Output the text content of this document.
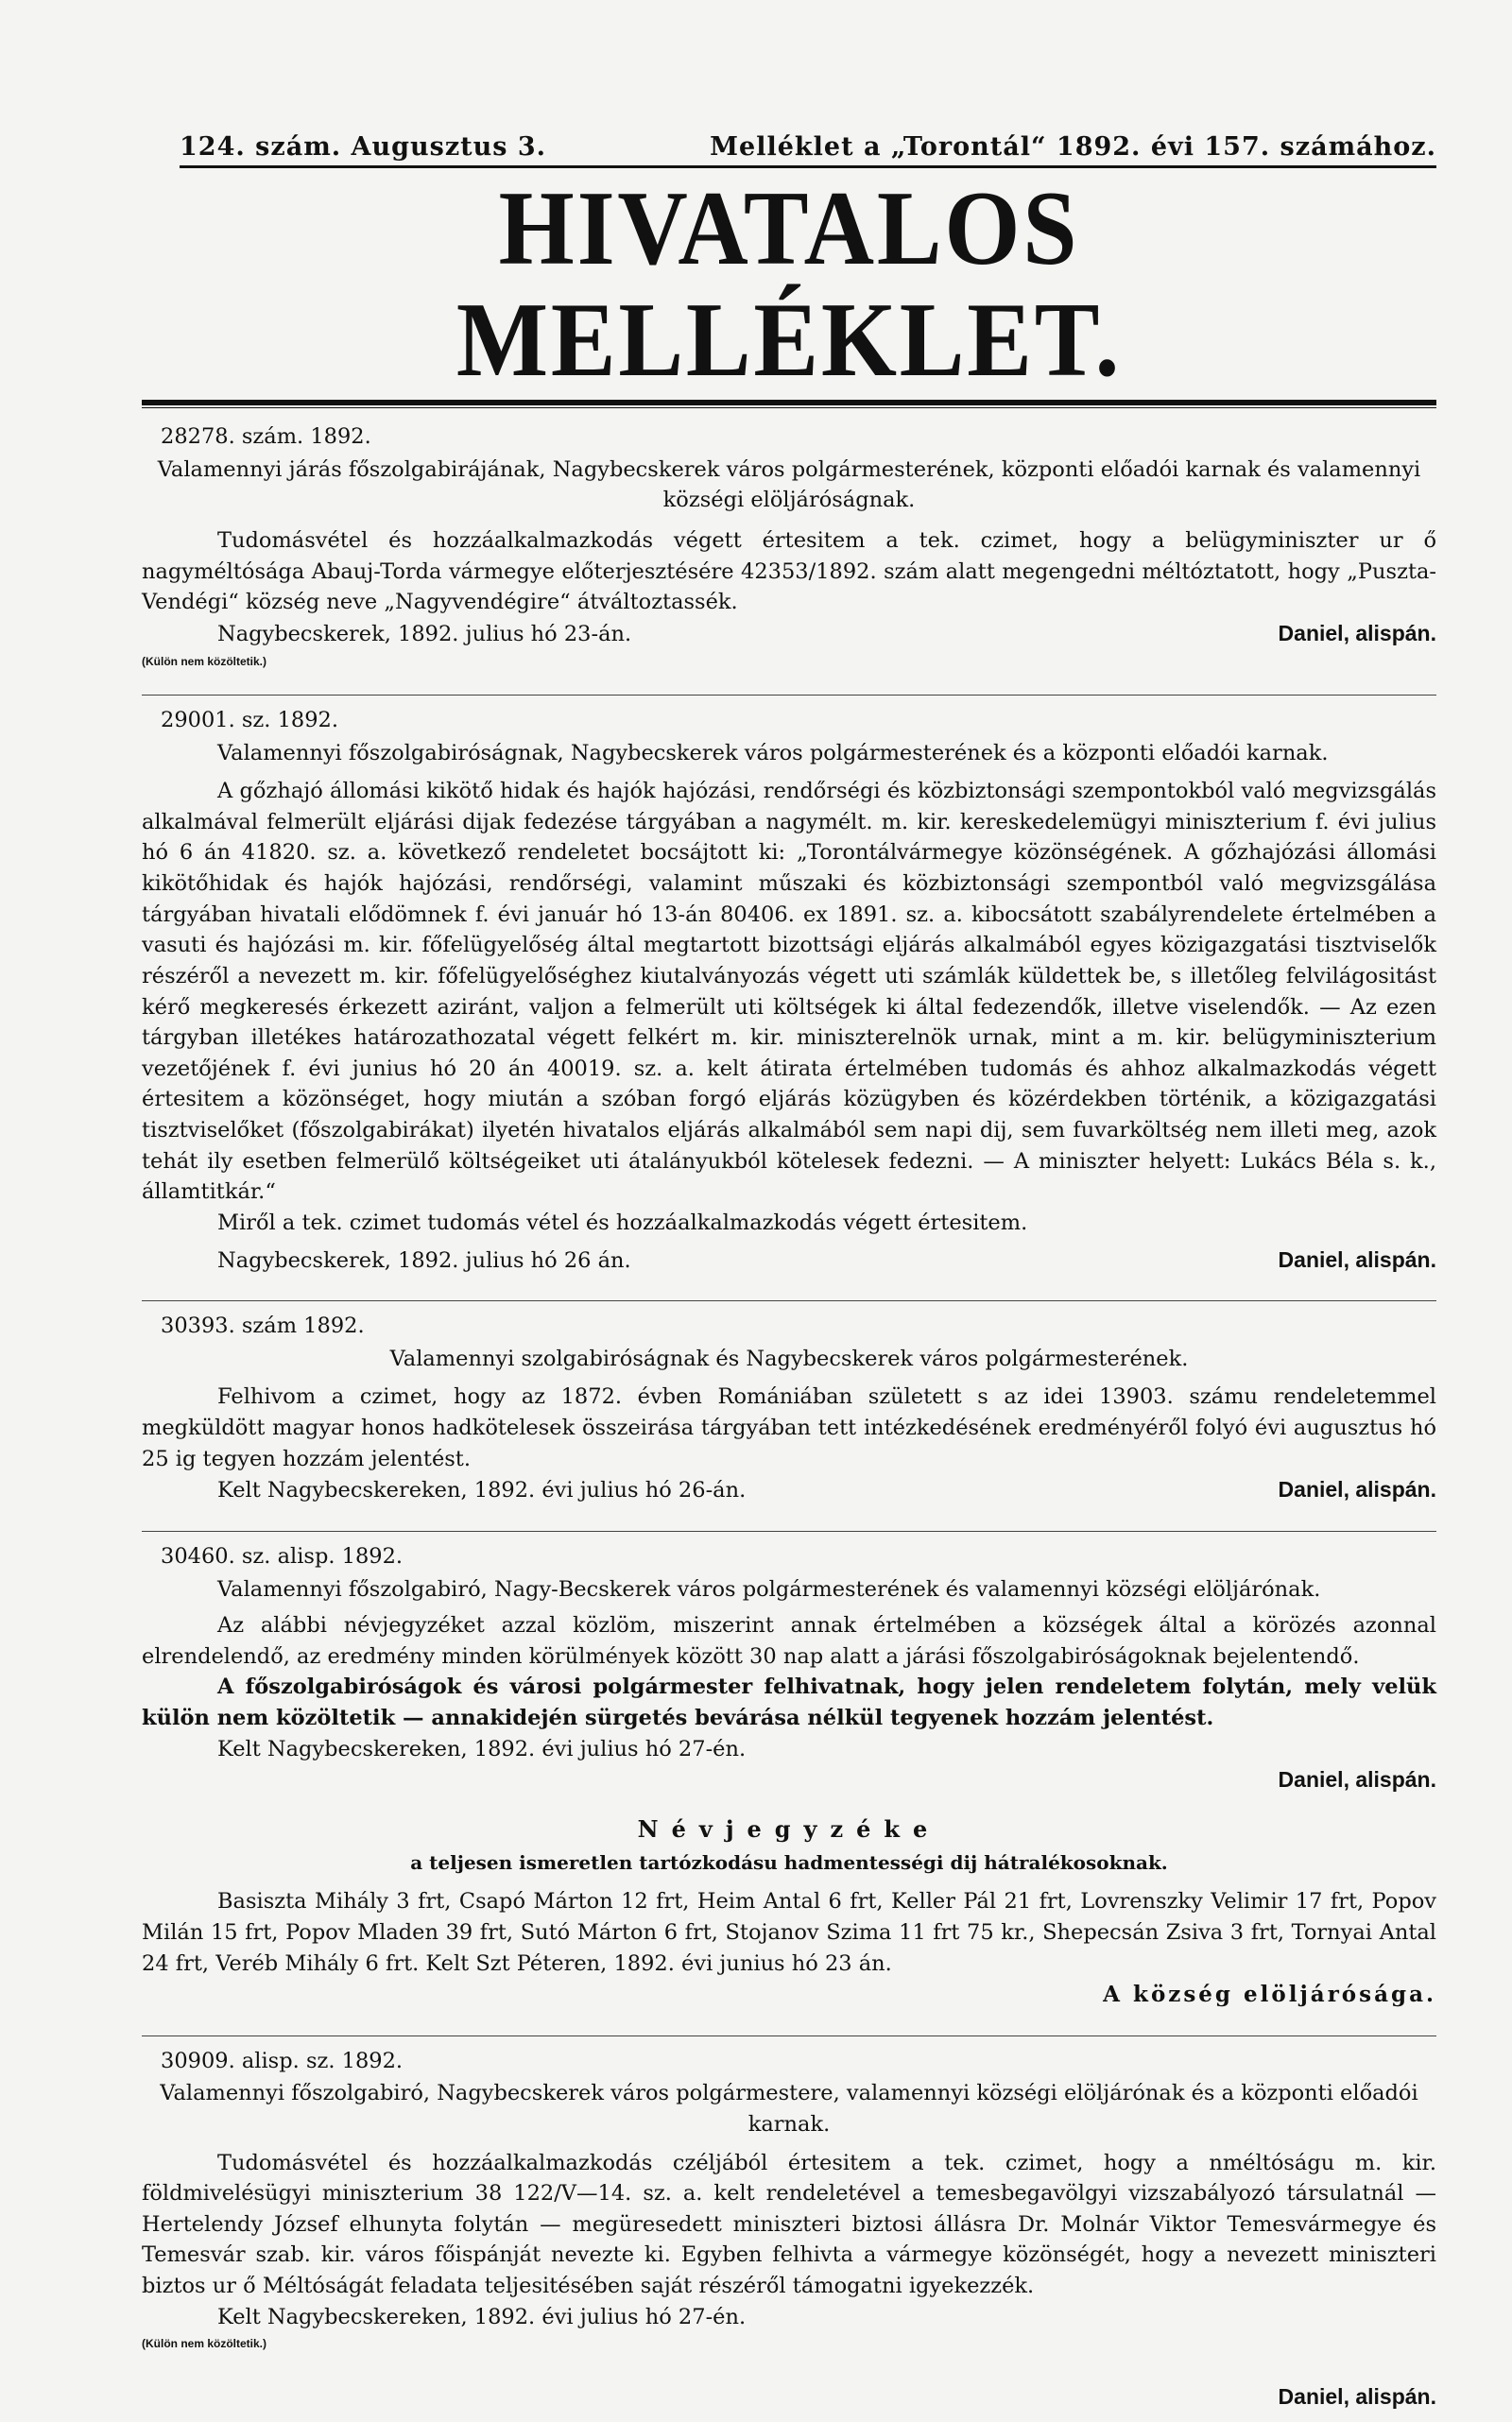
124. szám. Augusztus 3.	Melléklet a „Torontál“ 1892. évi 157. számához.
HIVATALOS MELLÉKLET.
28278. szám. 1892.
Valamennyi járás főszolgabirájának, Nagybecskerek város polgármesterének, központi előadói karnak és valamennyi községi elöljáróságnak.
Tudomásvétel és hozzáalkalmazkodás végett értesitem a tek. czimet, hogy a belügyminiszter ur ő nagyméltósága Abauj-Torda vármegye előterjesztésére 42353/1892. szám alatt megengedni méltóztatott, hogy „Puszta-Vendégi“ község neve „Nagyvendégire“ átváltoztassék.
Nagybecskerek, 1892. julius hó 23-án.	Daniel, alispán.
(Külön nem közöltetik.)
29001. sz. 1892.
Valamennyi főszolgabiróságnak, Nagybecskerek város polgármesterének és a központi előadói karnak.
A gőzhajó állomási kikötő hidak és hajók hajózási, rendőrségi és közbiztonsági szempontokból való megvizsgálás alkalmával felmerült eljárási dijak fedezése tárgyában a nagymélt. m. kir. kereskedelemügyi miniszterium f. évi julius hó 6 án 41820. sz. a. következő rendeletet bocsájtott ki: „Torontálvármegye közönségének. A gőzhajózási állomási kikötőhidak és hajók hajózási, rendőrségi, valamint műszaki és közbiztonsági szempontból való megvizsgálása tárgyában hivatali elődömnek f. évi január hó 13-án 80406. ex 1891. sz. a. kibocsátott szabályrendelete értelmében a vasuti és hajózási m. kir. főfelügyelőség által megtartott bizottsági eljárás alkalmából egyes közigazgatási tisztviselők részéről a nevezett m. kir. főfelügyelőséghez kiutalványozás végett uti számlák küldettek be, s illetőleg felvilágositást kérő megkeresés érkezett aziránt, valjon a felmerült uti költségek ki által fedezendők, illetve viselendők. — Az ezen tárgyban illetékes határozathozatal végett felkért m. kir. miniszterelnök urnak, mint a m. kir. belügyminiszterium vezetőjének f. évi junius hó 20 án 40019. sz. a. kelt átirata értelmében tudomás és ahhoz alkalmazkodás végett értesitem a közönséget, hogy miután a szóban forgó eljárás közügyben és közérdekben történik, a közigazgatási tisztviselőket (főszolgabirákat) ilyetén hivatalos eljárás alkalmából sem napi dij, sem fuvarköltség nem illeti meg, azok tehát ily esetben felmerülő költségeiket uti átalányukból kötelesek fedezni. — A miniszter helyett: Lukács Béla s. k., államtitkár.“
Miről a tek. czimet tudomás vétel és hozzáalkalmazkodás végett értesitem.
Nagybecskerek, 1892. julius hó 26 án.	Daniel, alispán.
30393. szám 1892.
Valamennyi szolgabiróságnak és Nagybecskerek város polgármesterének.
Felhivom a czimet, hogy az 1872. évben Romániában született s az idei 13903. számu rendeletemmel megküldött magyar honos hadkötelesek összeirása tárgyában tett intézkedésének eredményéről folyó évi augusztus hó 25 ig tegyen hozzám jelentést.
Kelt Nagybecskereken, 1892. évi julius hó 26-án.	Daniel, alispán.
30460. sz. alisp. 1892.
Valamennyi főszolgabiró, Nagy-Becskerek város polgármesterének és valamennyi községi elöljárónak.
Az alábbi névjegyzéket azzal közlöm, miszerint annak értelmében a községek által a körözés azonnal elrendelendő, az eredmény minden körülmények között 30 nap alatt a járási főszolgabiróságoknak bejelentendő.
A főszolgabiróságok és városi polgármester felhivatnak, hogy jelen rendeletem folytán, mely velük külön nem közöltetik — annakidején sürgetés bevárása nélkül tegyenek hozzám jelentést.
Kelt Nagybecskereken, 1892. évi julius hó 27-én.
Daniel, alispán.
Névjegyzéke
a teljesen ismeretlen tartózkodásu hadmentességi dij hátralékosoknak.
Basiszta Mihály 3 frt, Csapó Márton 12 frt, Heim Antal 6 frt, Keller Pál 21 frt, Lovrenszky Velimir 17 frt, Popov Milán 15 frt, Popov Mladen 39 frt, Sutó Márton 6 frt, Stojanov Szima 11 frt 75 kr., Shepecsán Zsiva 3 frt, Tornyai Antal 24 frt, Veréb Mihály 6 frt. Kelt Szt Péteren, 1892. évi junius hó 23 án.
A község elöljárósága.
30909. alisp. sz. 1892.
Valamennyi főszolgabiró, Nagybecskerek város polgármestere, valamennyi községi elöljárónak és a központi előadói karnak.
Tudomásvétel és hozzáalkalmazkodás czéljából értesitem a tek. czimet, hogy a nméltóságu m. kir. földmivelésügyi miniszterium 38 122/V—14. sz. a. kelt rendeletével a temesbegavölgyi vizszabályozó társulatnál — Hertelendy József elhunyta folytán — megüresedett miniszteri biztosi állásra Dr. Molnár Viktor Temesvármegye és Temesvár szab. kir. város főispánját nevezte ki. Egyben felhivta a vármegye közönségét, hogy a nevezett miniszteri biztos ur ő Méltóságát feladata teljesitésében saját részéről támogatni igyekezzék.
Kelt Nagybecskereken, 1892. évi julius hó 27-én.
(Külön nem közöltetik.)
Daniel, alispán.
